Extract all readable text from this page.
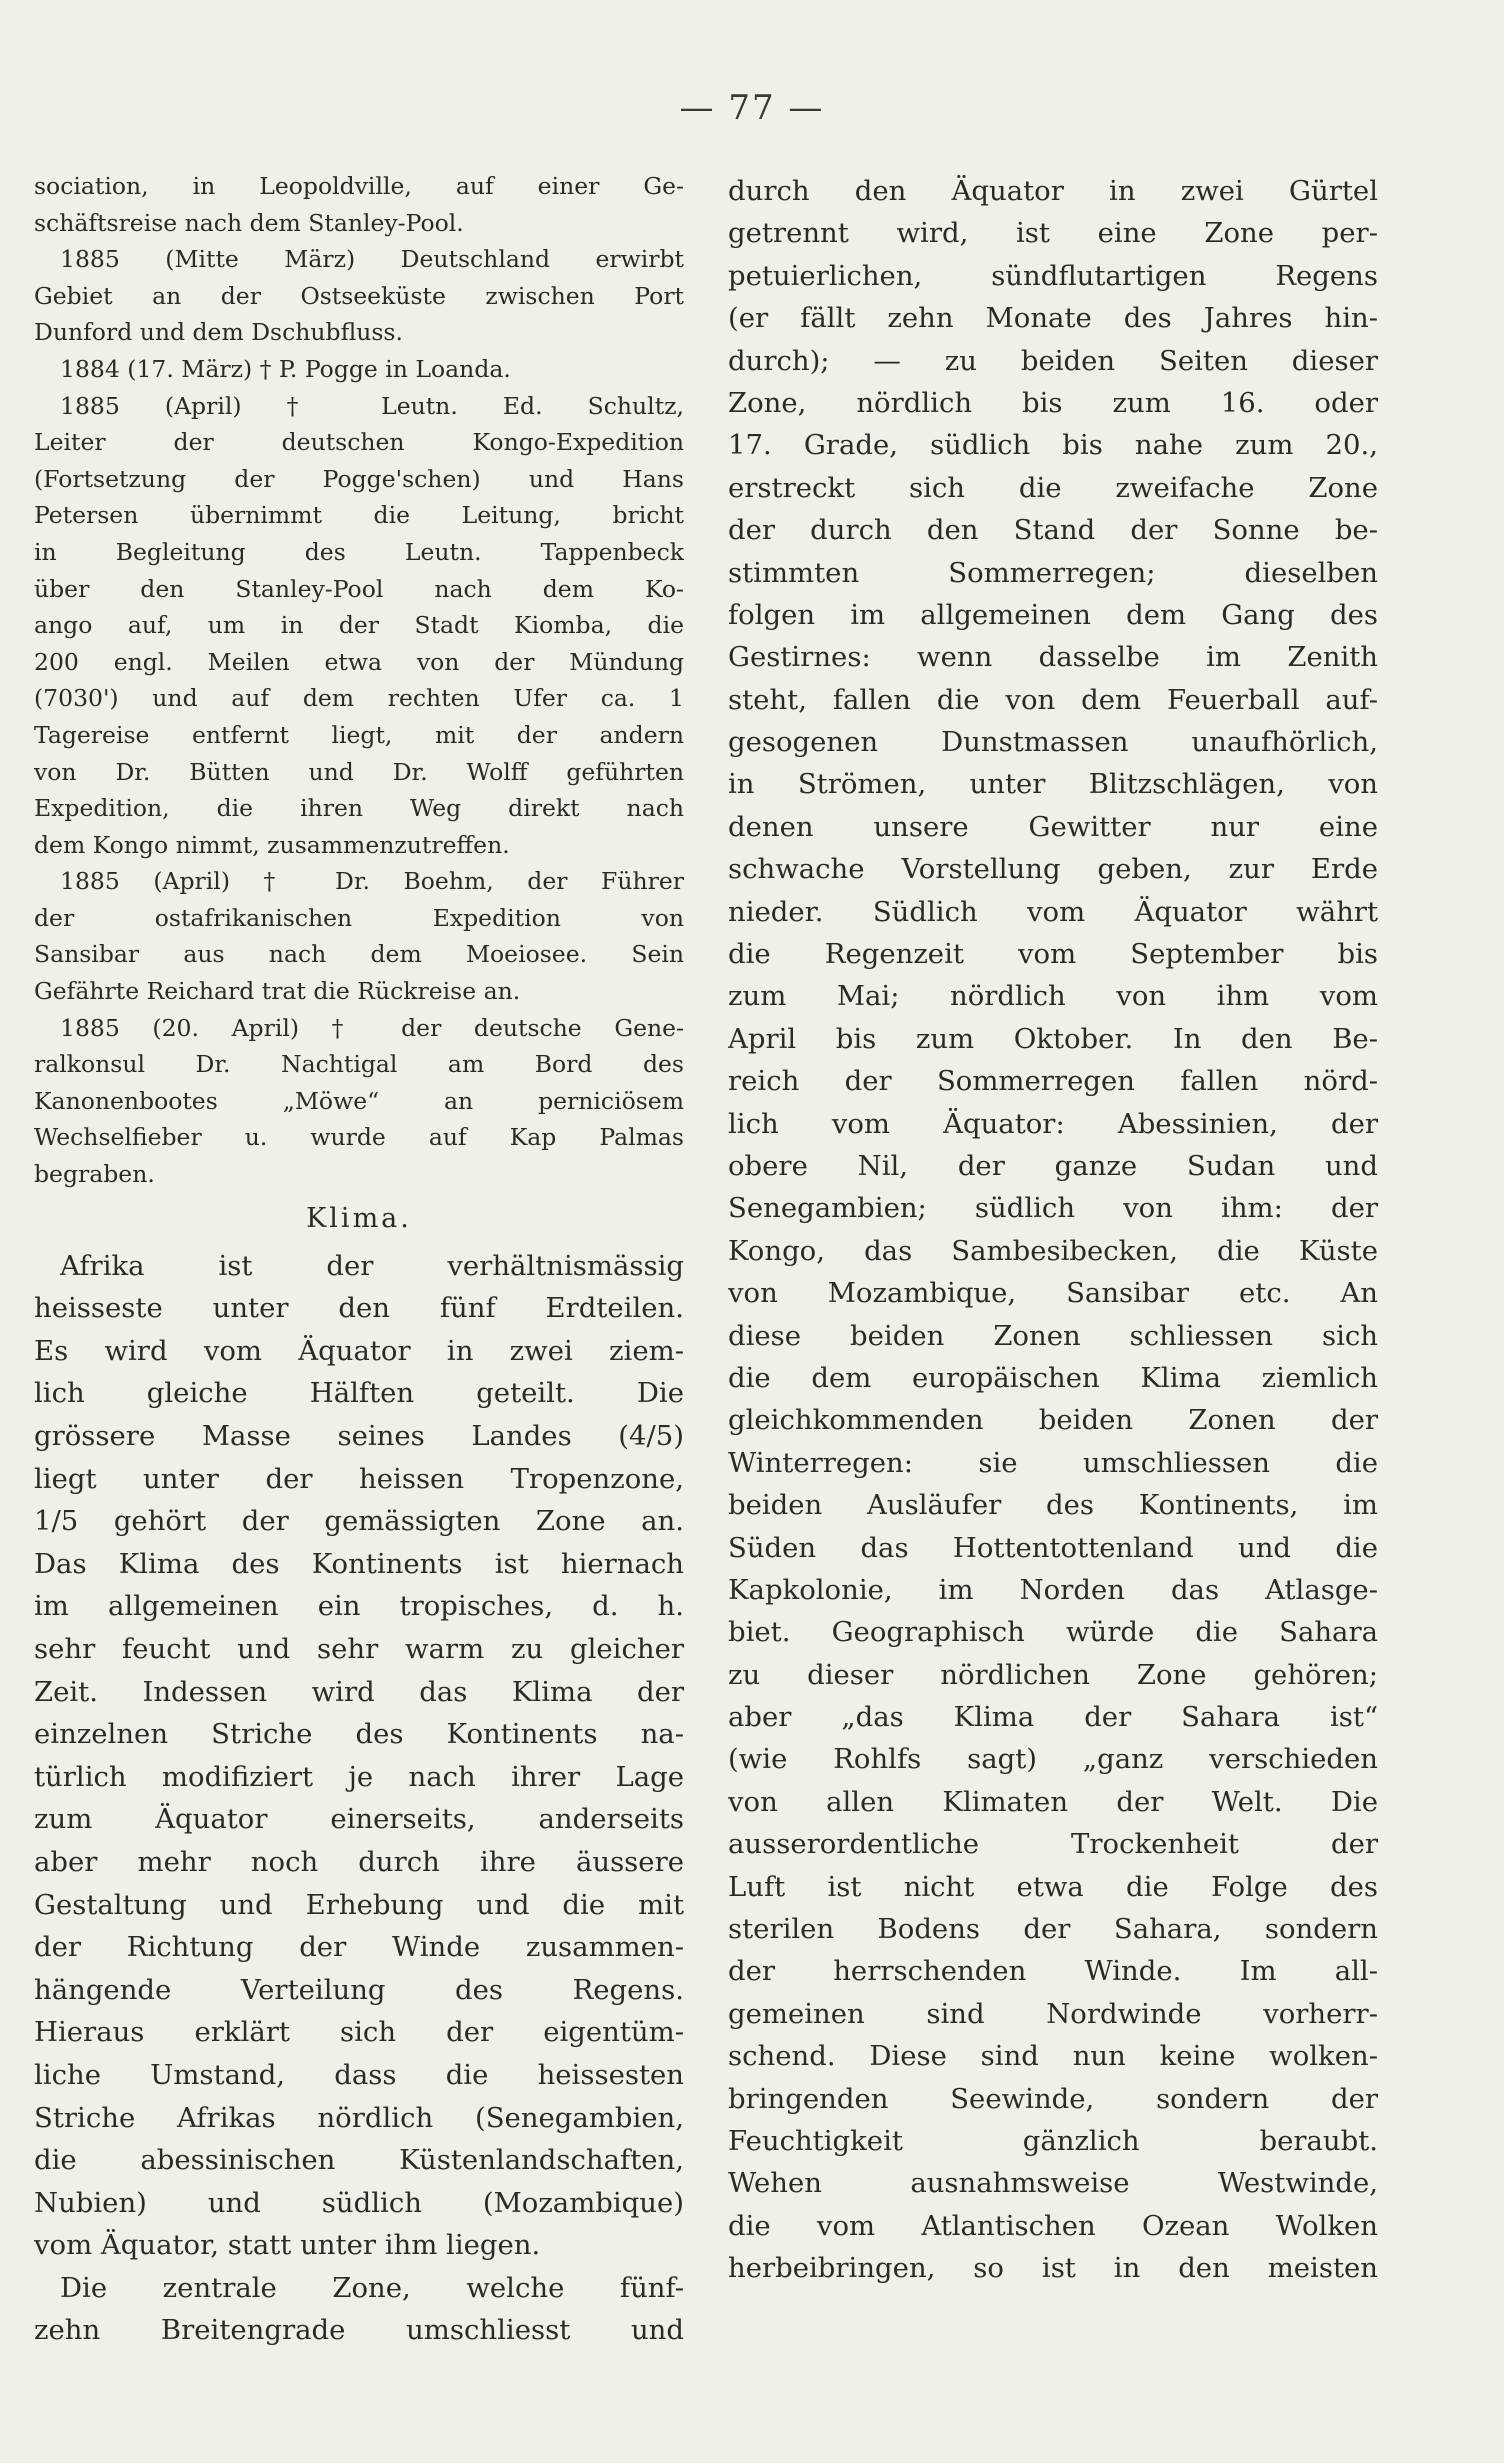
— 77 —
sociation, in Leopoldville, auf einer Ge-
schäftsreise nach dem Stanley-Pool.
1885 (Mitte März) Deutschland erwirbt
Gebiet an der Ostseeküste zwischen Port
Dunford und dem Dschubfluss.
1884 (17. März) † P. Pogge in Loanda.
1885 (April) † Leutn. Ed. Schultz,
Leiter der deutschen Kongo-Expedition
(Fortsetzung der Pogge'schen) und Hans
Petersen übernimmt die Leitung, bricht
in Begleitung des Leutn. Tappenbeck
über den Stanley-Pool nach dem Ko-
ango auf, um in der Stadt Kiomba, die
200 engl. Meilen etwa von der Mündung
(7030') und auf dem rechten Ufer ca. 1
Tagereise entfernt liegt, mit der andern
von Dr. Bütten und Dr. Wolff geführten
Expedition, die ihren Weg direkt nach
dem Kongo nimmt, zusammenzutreffen.
1885 (April) † Dr. Boehm, der Führer
der ostafrikanischen Expedition von
Sansibar aus nach dem Moeiosee. Sein
Gefährte Reichard trat die Rückreise an.
1885 (20. April) † der deutsche Gene-
ralkonsul Dr. Nachtigal am Bord des
Kanonenbootes „Möwe“ an perniciösem
Wechselfieber u. wurde auf Kap Palmas
begraben.
Klima.
Afrika ist der verhältnismässig
heisseste unter den fünf Erdteilen.
Es wird vom Äquator in zwei ziem-
lich gleiche Hälften geteilt. Die
grössere Masse seines Landes (4/5)
liegt unter der heissen Tropenzone,
1/5 gehört der gemässigten Zone an.
Das Klima des Kontinents ist hiernach
im allgemeinen ein tropisches, d. h.
sehr feucht und sehr warm zu gleicher
Zeit. Indessen wird das Klima der
einzelnen Striche des Kontinents na-
türlich modifiziert je nach ihrer Lage
zum Äquator einerseits, anderseits
aber mehr noch durch ihre äussere
Gestaltung und Erhebung und die mit
der Richtung der Winde zusammen-
hängende Verteilung des Regens.
Hieraus erklärt sich der eigentüm-
liche Umstand, dass die heissesten
Striche Afrikas nördlich (Senegambien,
die abessinischen Küstenlandschaften,
Nubien) und südlich (Mozambique)
vom Äquator, statt unter ihm liegen.
Die zentrale Zone, welche fünf-
zehn Breitengrade umschliesst und
durch den Äquator in zwei Gürtel
getrennt wird, ist eine Zone per-
petuierlichen, sündflutartigen Regens
(er fällt zehn Monate des Jahres hin-
durch); — zu beiden Seiten dieser
Zone, nördlich bis zum 16. oder
17. Grade, südlich bis nahe zum 20.,
erstreckt sich die zweifache Zone
der durch den Stand der Sonne be-
stimmten Sommerregen; dieselben
folgen im allgemeinen dem Gang des
Gestirnes: wenn dasselbe im Zenith
steht, fallen die von dem Feuerball auf-
gesogenen Dunstmassen unaufhörlich,
in Strömen, unter Blitzschlägen, von
denen unsere Gewitter nur eine
schwache Vorstellung geben, zur Erde
nieder. Südlich vom Äquator währt
die Regenzeit vom September bis
zum Mai; nördlich von ihm vom
April bis zum Oktober. In den Be-
reich der Sommerregen fallen nörd-
lich vom Äquator: Abessinien, der
obere Nil, der ganze Sudan und
Senegambien; südlich von ihm: der
Kongo, das Sambesibecken, die Küste
von Mozambique, Sansibar etc. An
diese beiden Zonen schliessen sich
die dem europäischen Klima ziemlich
gleichkommenden beiden Zonen der
Winterregen: sie umschliessen die
beiden Ausläufer des Kontinents, im
Süden das Hottentottenland und die
Kapkolonie, im Norden das Atlasge-
biet. Geographisch würde die Sahara
zu dieser nördlichen Zone gehören;
aber „das Klima der Sahara ist“
(wie Rohlfs sagt) „ganz verschieden
von allen Klimaten der Welt. Die
ausserordentliche Trockenheit der
Luft ist nicht etwa die Folge des
sterilen Bodens der Sahara, sondern
der herrschenden Winde. Im all-
gemeinen sind Nordwinde vorherr-
schend. Diese sind nun keine wolken-
bringenden Seewinde, sondern der
Feuchtigkeit gänzlich beraubt.
Wehen ausnahmsweise Westwinde,
die vom Atlantischen Ozean Wolken
herbeibringen, so ist in den meisten
